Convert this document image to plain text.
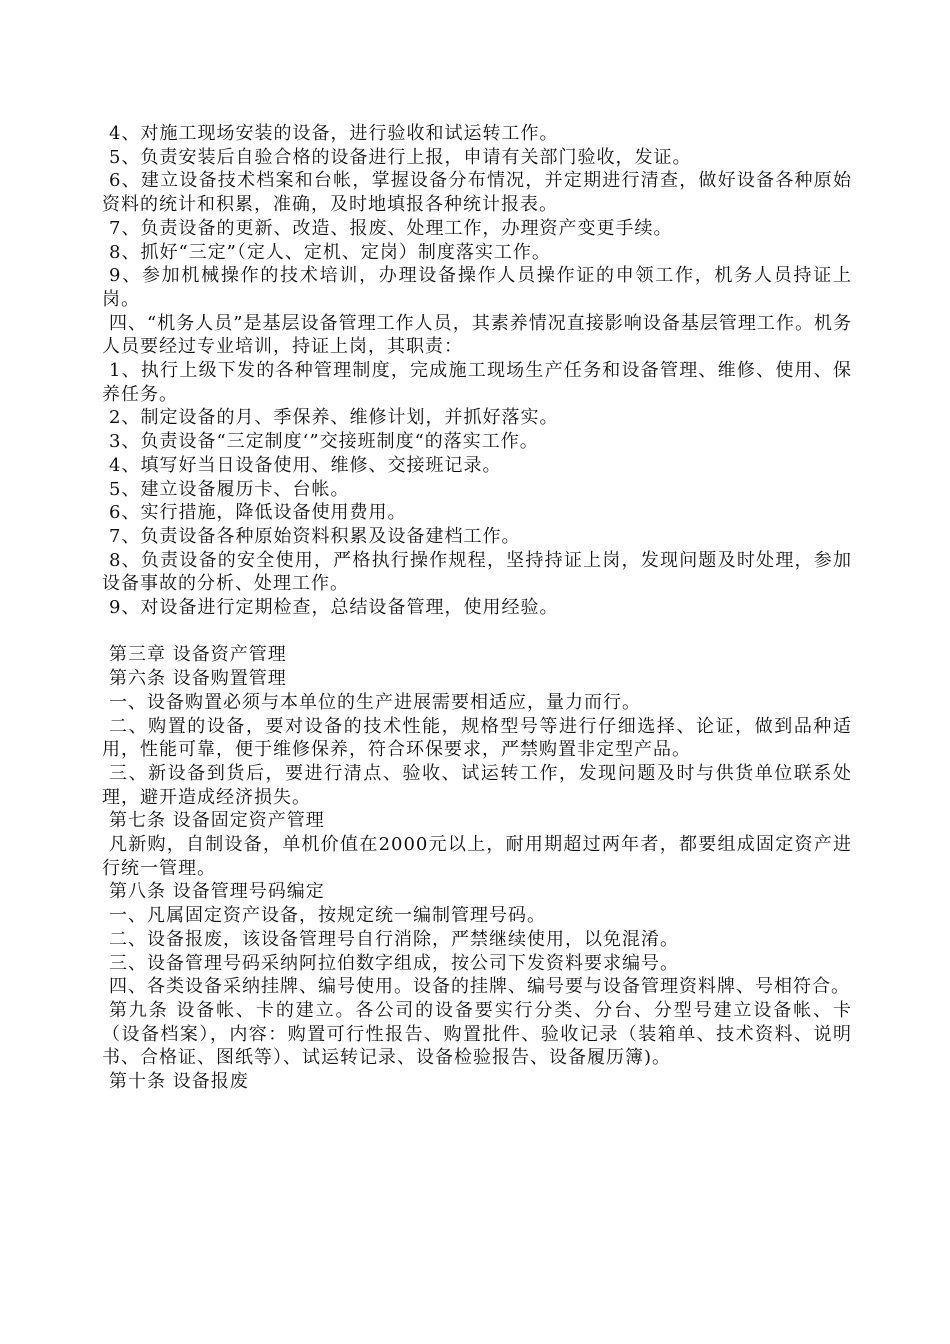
4、对施工现场安装的设备，进行验收和试运转工作。

5、负责安装后自验合格的设备进行上报，申请有关部门验收，发证。

6、建立设备技术档案和台帐，掌握设备分布情况，并定期进行清查，做好设备各种原始资料的统计和积累，准确，及时地填报各种统计报表。

7、负责设备的更新、改造、报废、处理工作，办理资产变更手续。

8、抓好“三定”（定人、定机、定岗）制度落实工作。

9、参加机械操作的技术培训，办理设备操作人员操作证的申领工作，机务人员持证上岗。

四、“机务人员”是基层设备管理工作人员，其素养情况直接影响设备基层管理工作。机务人员要经过专业培训，持证上岗，其职责：

1、执行上级下发的各种管理制度，完成施工现场生产任务和设备管理、维修、使用、保养任务。

2、制定设备的月、季保养、维修计划，并抓好落实。

3、负责设备“三定制度‘”交接班制度“的落实工作。

4、填写好当日设备使用、维修、交接班记录。

5、建立设备履历卡、台帐。

6、实行措施，降低设备使用费用。

7、负责设备各种原始资料积累及设备建档工作。

8、负责设备的安全使用，严格执行操作规程，坚持持证上岗，发现问题及时处理，参加设备事故的分析、处理工作。

9、对设备进行定期检查，总结设备管理，使用经验。

第三章 设备资产管理

第六条 设备购置管理

一、设备购置必须与本单位的生产进展需要相适应，量力而行。

二、购置的设备，要对设备的技术性能，规格型号等进行仔细选择、论证，做到品种适用，性能可靠，便于维修保养，符合环保要求，严禁购置非定型产品。

三、新设备到货后，要进行清点、验收、试运转工作，发现问题及时与供货单位联系处理，避开造成经济损失。

第七条 设备固定资产管理

凡新购，自制设备，单机价值在2000元以上，耐用期超过两年者，都要组成固定资产进行统一管理。

第八条 设备管理号码编定

一、凡属固定资产设备，按规定统一编制管理号码。

二、设备报废，该设备管理号自行消除，严禁继续使用，以免混淆。

三、设备管理号码采纳阿拉伯数字组成，按公司下发资料要求编号。

四、各类设备采纳挂牌、编号使用。设备的挂牌、编号要与设备管理资料牌、号相符合。

第九条 设备帐、卡的建立。各公司的设备要实行分类、分台、分型号建立设备帐、卡（设备档案），内容：购置可行性报告、购置批件、验收记录（装箱单、技术资料、说明书、合格证、图纸等）、试运转记录、设备检验报告、设备履历簿)。

第十条 设备报废
